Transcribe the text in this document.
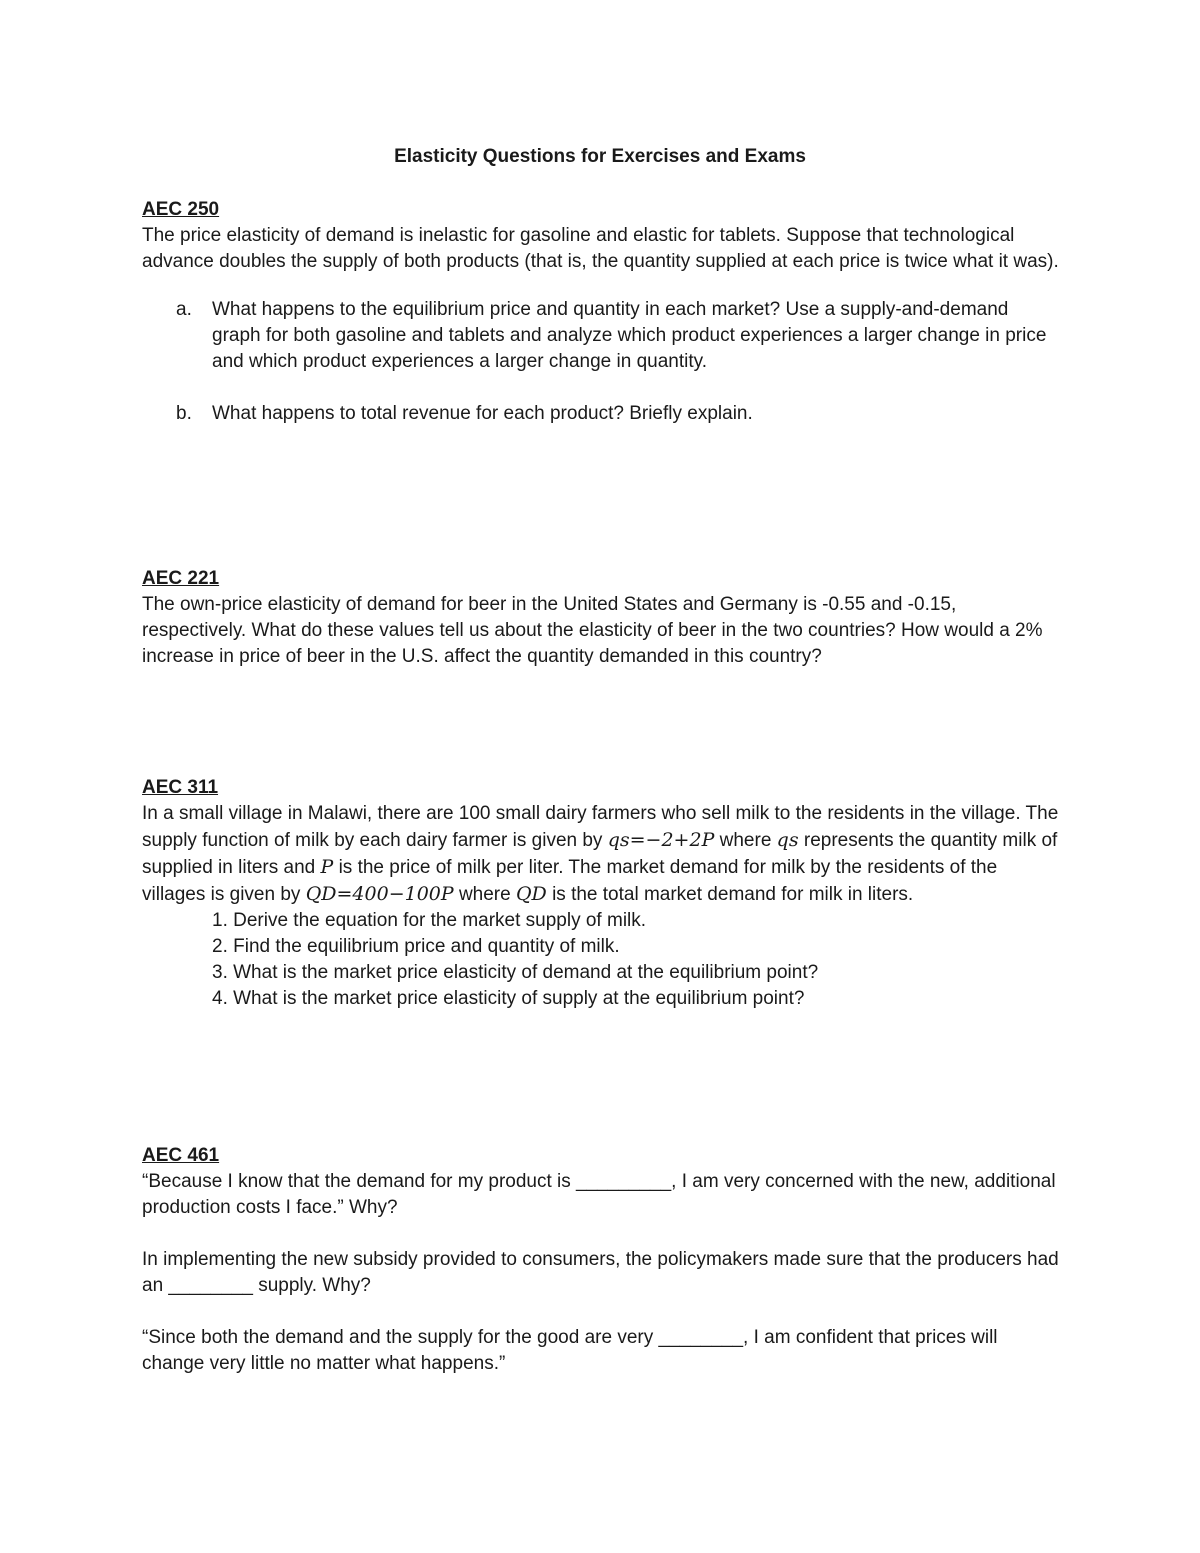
Elasticity Questions for Exercises and Exams

AEC 250

The price elasticity of demand is inelastic for gasoline and elastic for tablets. Suppose that technological advance doubles the supply of both products (that is, the quantity supplied at each price is twice what it was).

a. What happens to the equilibrium price and quantity in each market? Use a supply-and-demand graph for both gasoline and tablets and analyze which product experiences a larger change in price and which product experiences a larger change in quantity.
b. What happens to total revenue for each product? Briefly explain.

AEC 221

The own-price elasticity of demand for beer in the United States and Germany is -0.55 and -0.15, respectively. What do these values tell us about the elasticity of beer in the two countries? How would a 2% increase in price of beer in the U.S. affect the quantity demanded in this country?

AEC 311

In a small village in Malawi, there are 100 small dairy farmers who sell milk to the residents in the village. The supply function of milk by each dairy farmer is given by qs=−2+2P where qs represents the quantity milk of supplied in liters and P is the price of milk per liter. The market demand for milk by the residents of the villages is given by QD=400−100P where QD is the total market demand for milk in liters.

1. Derive the equation for the market supply of milk.
2. Find the equilibrium price and quantity of milk.
3. What is the market price elasticity of demand at the equilibrium point?
4. What is the market price elasticity of supply at the equilibrium point?

AEC 461

“Because I know that the demand for my product is _________, I am very concerned with the new, additional production costs I face.” Why?

In implementing the new subsidy provided to consumers, the policymakers made sure that the producers had an ________ supply. Why?

“Since both the demand and the supply for the good are very ________, I am confident that prices will change very little no matter what happens.”
